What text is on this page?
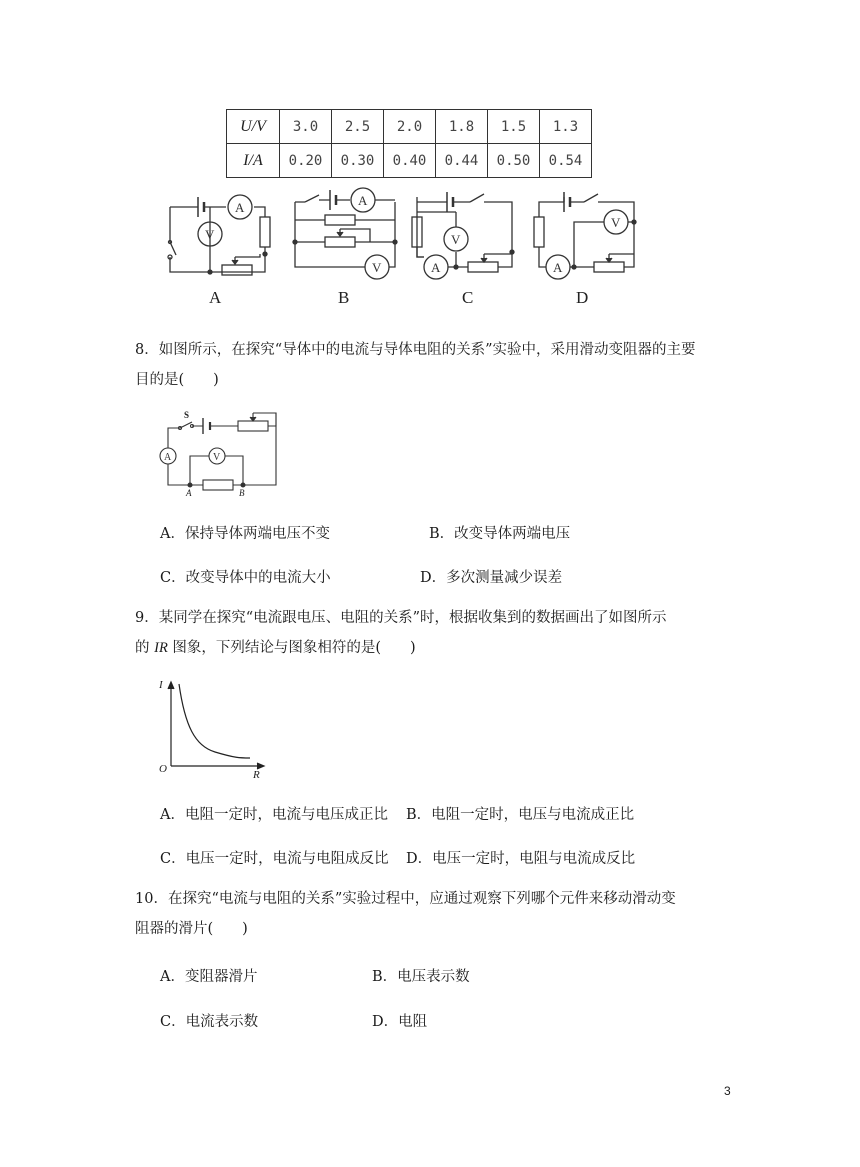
U/V	3.0	2.5	2.0	1.8	1.5	1.3
I/A	0.20	0.30	0.40	0.44	0.50	0.54
A
V
A
V	A
V
A
V
A	B	C	D
8．如图所示，在探究“导体中的电流与导体电阻的关系”实验中，采用滑动变阻器的主要
目的是(　　)
S
A	V
A	B
A．保持导体两端电压不变	B．改变导体两端电压
C．改变导体中的电流大小	D．多次测量减少误差
9．某同学在探究“电流跟电压、电阻的关系”时，根据收集到的数据画出了如图所示
的 IR 图象，下列结论与图象相符的是(　　)
I
R
O
A．电阻一定时，电流与电压成正比 B．电阻一定时，电压与电流成正比
C．电压一定时，电流与电阻成反比 D．电压一定时，电阻与电流成反比
10．在探究“电流与电阻的关系”实验过程中，应通过观察下列哪个元件来移动滑动变
阻器的滑片(　　)
A．变阻器滑片	B．电压表示数
C．电流表示数	D．电阻
3
